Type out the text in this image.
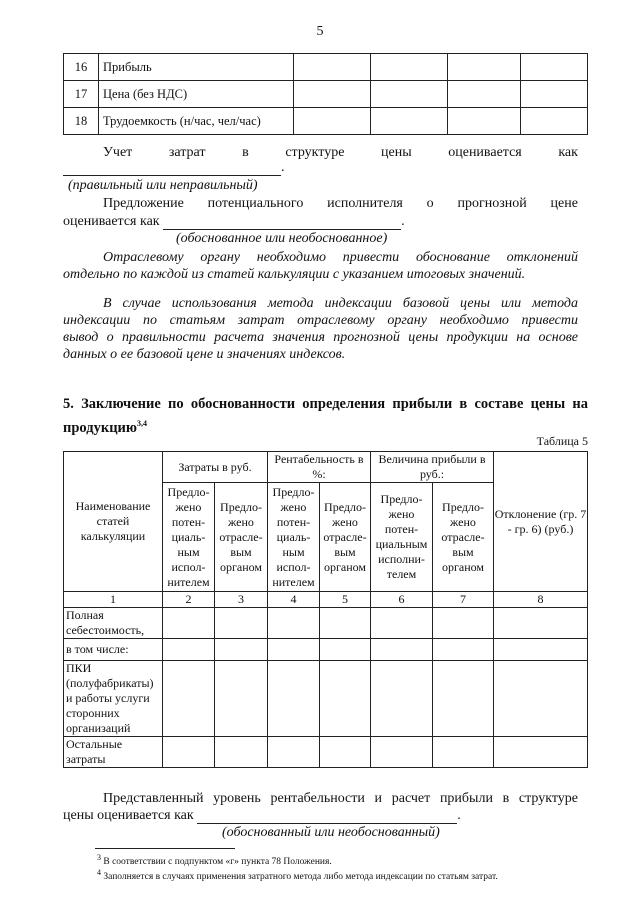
5
16	Прибыль				
17	Цена (без НДС)				
18	Трудоемкость (н/час, чел/час)				
Учет	затрат	в	структуре	цены	оценивается	как
.
(правильный или неправильный)
Предложение потенциального исполнителя о прогнозной цене
оценивается как	.
(обоснованное или необоснованное)
Отраслевому органу необходимо привести обоснование отклонений
отдельно по каждой из статей калькуляции с указанием итоговых значений.
В случае использования метода индексации базовой цены или метода
индексации по статьям затрат отраслевому органу необходимо привести
вывод о правильности расчета значения прогнозной цены продукции на основе
данных о ее базовой цене и значениях индексов.
5. Заключение по обоснованности определения прибыли в составе цены на
продукцию$^{3,4}$
Таблица 5
Наименование статей калькуляции	Затраты в руб.		Рентабельность в %:		Величина прибыли в руб.:		Отклонение (гр. 7 - гр. 6) (руб.)
	Предло-жено потен-циаль-ным испол-нителем	Предло-жено отрасле-вым органом	Предло-жено потен-циаль-ным испол-нителем	Предло-жено отрасле-вым органом	Предло-жено потен-циальным исполни-телем	Предло-жено отрасле-вым органом	
1	2	3	4	5	6	7	8
Полная себестоимость,							
в том числе:							
ПКИ (полуфабрикаты) и работы услуги сторонних организаций							
Остальные затраты							
Представленный уровень рентабельности и расчет прибыли в структуре
цены оценивается как	.
(обоснованный или необоснованный)
$^3$ В соответствии с подпунктом «г» пункта 78 Положения.
$^4$ Заполняется в случаях применения затратного метода либо метода индексации по статьям затрат.
